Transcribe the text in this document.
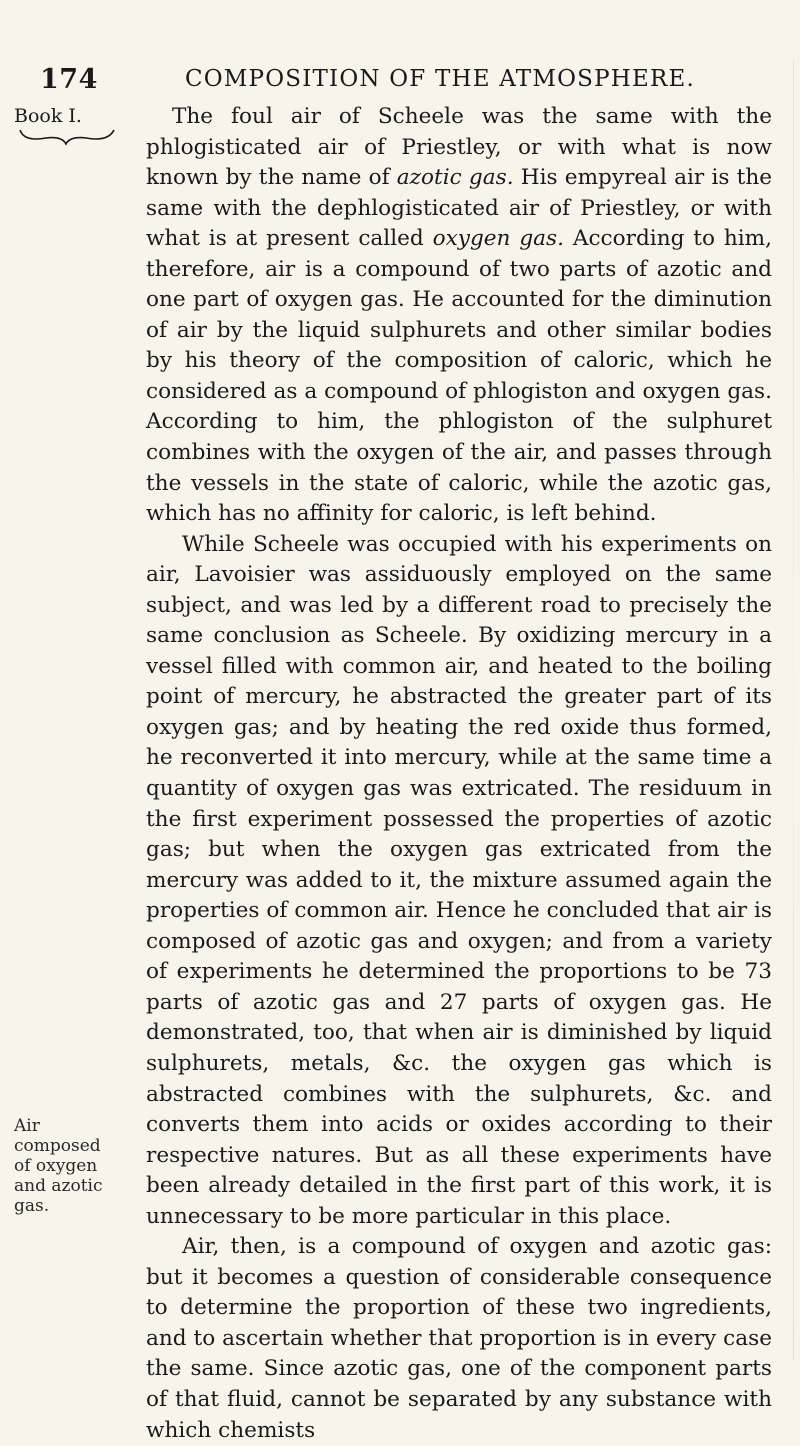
174	COMPOSITION OF THE ATMOSPHERE.
Book I.
Air composed of oxygen and azotic gas.

The foul air of Scheele was the same with the phlogisticated air of Priestley, or with what is now known by the name of azotic gas. His empyreal air is the same with the dephlogisticated air of Priestley, or with what is at present called oxygen gas. According to him, therefore, air is a compound of two parts of azotic and one part of oxygen gas. He accounted for the diminution of air by the liquid sulphurets and other similar bodies by his theory of the composition of caloric, which he considered as a compound of phlogiston and oxygen gas. According to him, the phlogiston of the sulphuret combines with the oxygen of the air, and passes through the vessels in the state of caloric, while the azotic gas, which has no affinity for caloric, is left behind.

While Scheele was occupied with his experiments on air, Lavoisier was assiduously employed on the same subject, and was led by a different road to precisely the same conclusion as Scheele. By oxidizing mercury in a vessel filled with common air, and heated to the boiling point of mercury, he abstracted the greater part of its oxygen gas; and by heating the red oxide thus formed, he reconverted it into mercury, while at the same time a quantity of oxygen gas was extricated. The residuum in the first experiment possessed the properties of azotic gas; but when the oxygen gas extricated from the mercury was added to it, the mixture assumed again the properties of common air. Hence he concluded that air is composed of azotic gas and oxygen; and from a variety of experiments he determined the proportions to be 73 parts of azotic gas and 27 parts of oxygen gas. He demonstrated, too, that when air is diminished by liquid sulphurets, metals, &c. the oxygen gas which is abstracted combines with the sulphurets, &c. and converts them into acids or oxides according to their respective natures. But as all these experiments have been already detailed in the first part of this work, it is unnecessary to be more particular in this place.

Air, then, is a compound of oxygen and azotic gas: but it becomes a question of considerable consequence to determine the proportion of these two ingredients, and to ascertain whether that proportion is in every case the same. Since azotic gas, one of the component parts of that fluid, cannot be separated by any substance with which chemists
